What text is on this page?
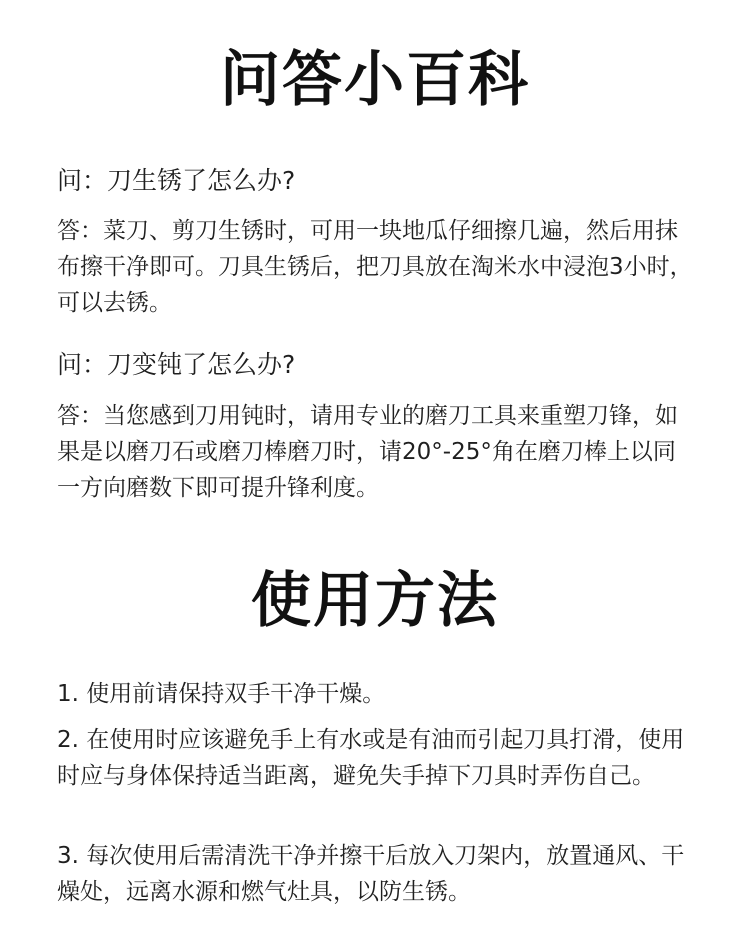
问答小百科
问：刀生锈了怎么办?
答：菜刀、剪刀生锈时，可用一块地瓜仔细擦几遍，然后用抹布擦干净即可。刀具生锈后，把刀具放在淘米水中浸泡3小时，可以去锈。
问：刀变钝了怎么办?
答：当您感到刀用钝时，请用专业的磨刀工具来重塑刀锋，如果是以磨刀石或磨刀棒磨刀时，请20°-25°角在磨刀棒上以同一方向磨数下即可提升锋利度。
使用方法
1. 使用前请保持双手干净干燥。
2. 在使用时应该避免手上有水或是有油而引起刀具打滑，使用时应与身体保持适当距离，避免失手掉下刀具时弄伤自己。
3. 每次使用后需清洗干净并擦干后放入刀架内，放置通风、干燥处，远离水源和燃气灶具，以防生锈。
